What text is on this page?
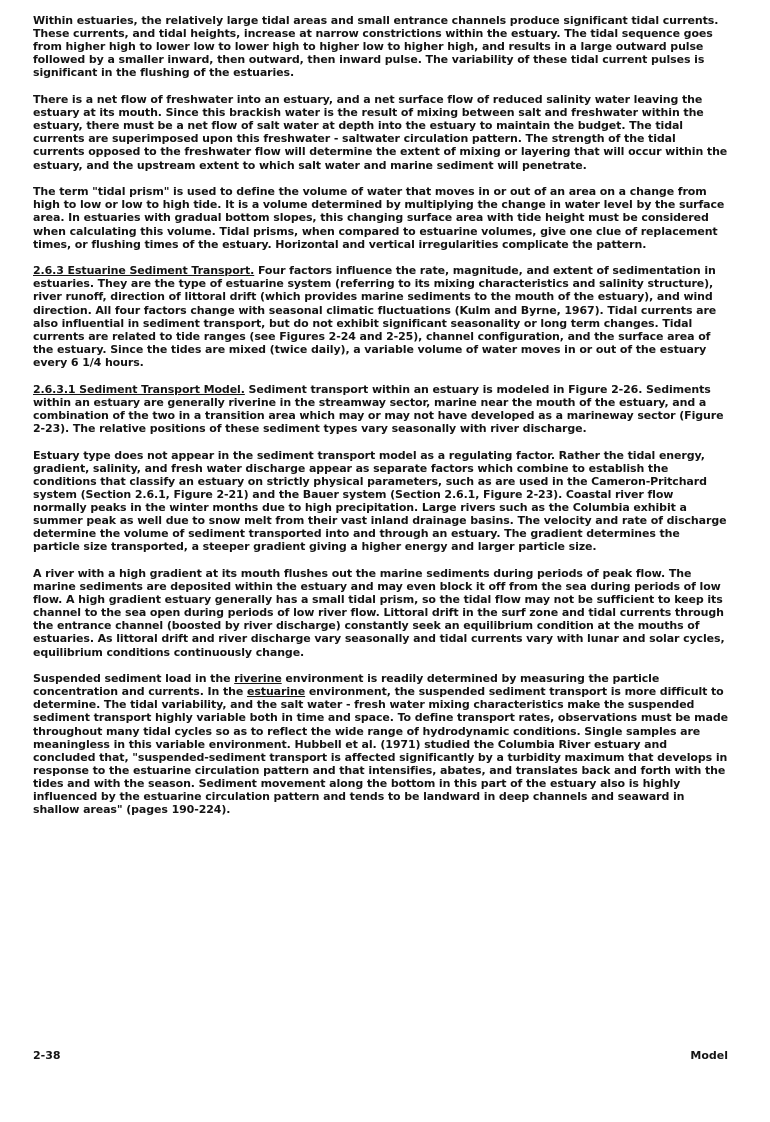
Within estuaries, the relatively large tidal areas and small entrance channels produce significant tidal currents. These currents, and tidal heights, increase at narrow constrictions within the estuary. The tidal sequence goes from higher high to lower low to lower high to higher low to higher high, and results in a large outward pulse followed by a smaller inward, then outward, then inward pulse. The variability of these tidal current pulses is significant in the flushing of the estuaries.

There is a net flow of freshwater into an estuary, and a net surface flow of reduced salinity water leaving the estuary at its mouth. Since this brackish water is the result of mixing between salt and freshwater within the estuary, there must be a net flow of salt water at depth into the estuary to maintain the budget. The tidal currents are superimposed upon this freshwater - saltwater circulation pattern. The strength of the tidal currents opposed to the freshwater flow will determine the extent of mixing or layering that will occur within the estuary, and the upstream extent to which salt water and marine sediment will penetrate.

The term "tidal prism" is used to define the volume of water that moves in or out of an area on a change from high to low or low to high tide. It is a volume determined by multiplying the change in water level by the surface area. In estuaries with gradual bottom slopes, this changing surface area with tide height must be considered when calculating this volume. Tidal prisms, when compared to estuarine volumes, give one clue of replacement times, or flushing times of the estuary. Horizontal and vertical irregularities complicate the pattern.

2.6.3 Estuarine Sediment Transport. Four factors influence the rate, magnitude, and extent of sedimentation in estuaries. They are the type of estuarine system (referring to its mixing characteristics and salinity structure), river runoff, direction of littoral drift (which provides marine sediments to the mouth of the estuary), and wind direction. All four factors change with seasonal climatic fluctuations (Kulm and Byrne, 1967). Tidal currents are also influential in sediment transport, but do not exhibit significant seasonality or long term changes. Tidal currents are related to tide ranges (see Figures 2-24 and 2-25), channel configuration, and the surface area of the estuary. Since the tides are mixed (twice daily), a variable volume of water moves in or out of the estuary every 6 1/4 hours.

2.6.3.1 Sediment Transport Model. Sediment transport within an estuary is modeled in Figure 2-26. Sediments within an estuary are generally riverine in the streamway sector, marine near the mouth of the estuary, and a combination of the two in a transition area which may or may not have developed as a marineway sector (Figure 2-23). The relative positions of these sediment types vary seasonally with river discharge.

Estuary type does not appear in the sediment transport model as a regulating factor. Rather the tidal energy, gradient, salinity, and fresh water discharge appear as separate factors which combine to establish the conditions that classify an estuary on strictly physical parameters, such as are used in the Cameron-Pritchard system (Section 2.6.1, Figure 2-21) and the Bauer system (Section 2.6.1, Figure 2-23). Coastal river flow normally peaks in the winter months due to high precipitation. Large rivers such as the Columbia exhibit a summer peak as well due to snow melt from their vast inland drainage basins. The velocity and rate of discharge determine the volume of sediment transported into and through an estuary. The gradient determines the particle size transported, a steeper gradient giving a higher energy and larger particle size.

A river with a high gradient at its mouth flushes out the marine sediments during periods of peak flow. The marine sediments are deposited within the estuary and may even block it off from the sea during periods of low flow. A high gradient estuary generally has a small tidal prism, so the tidal flow may not be sufficient to keep its channel to the sea open during periods of low river flow. Littoral drift in the surf zone and tidal currents through the entrance channel (boosted by river discharge) constantly seek an equilibrium condition at the mouths of estuaries. As littoral drift and river discharge vary seasonally and tidal currents vary with lunar and solar cycles, equilibrium conditions continuously change.

Suspended sediment load in the riverine environment is readily determined by measuring the particle concentration and currents. In the estuarine environment, the suspended sediment transport is more difficult to determine. The tidal variability, and the salt water - fresh water mixing characteristics make the suspended sediment transport highly variable both in time and space. To define transport rates, observations must be made throughout many tidal cycles so as to reflect the wide range of hydrodynamic conditions. Single samples are meaningless in this variable environment. Hubbell et al. (1971) studied the Columbia River estuary and concluded that, "suspended-sediment transport is affected significantly by a turbidity maximum that develops in response to the estuarine circulation pattern and that intensifies, abates, and translates back and forth with the tides and with the season. Sediment movement along the bottom in this part of the estuary also is highly influenced by the estuarine circulation pattern and tends to be landward in deep channels and seaward in shallow areas" (pages 190-224).

2-38	Model
